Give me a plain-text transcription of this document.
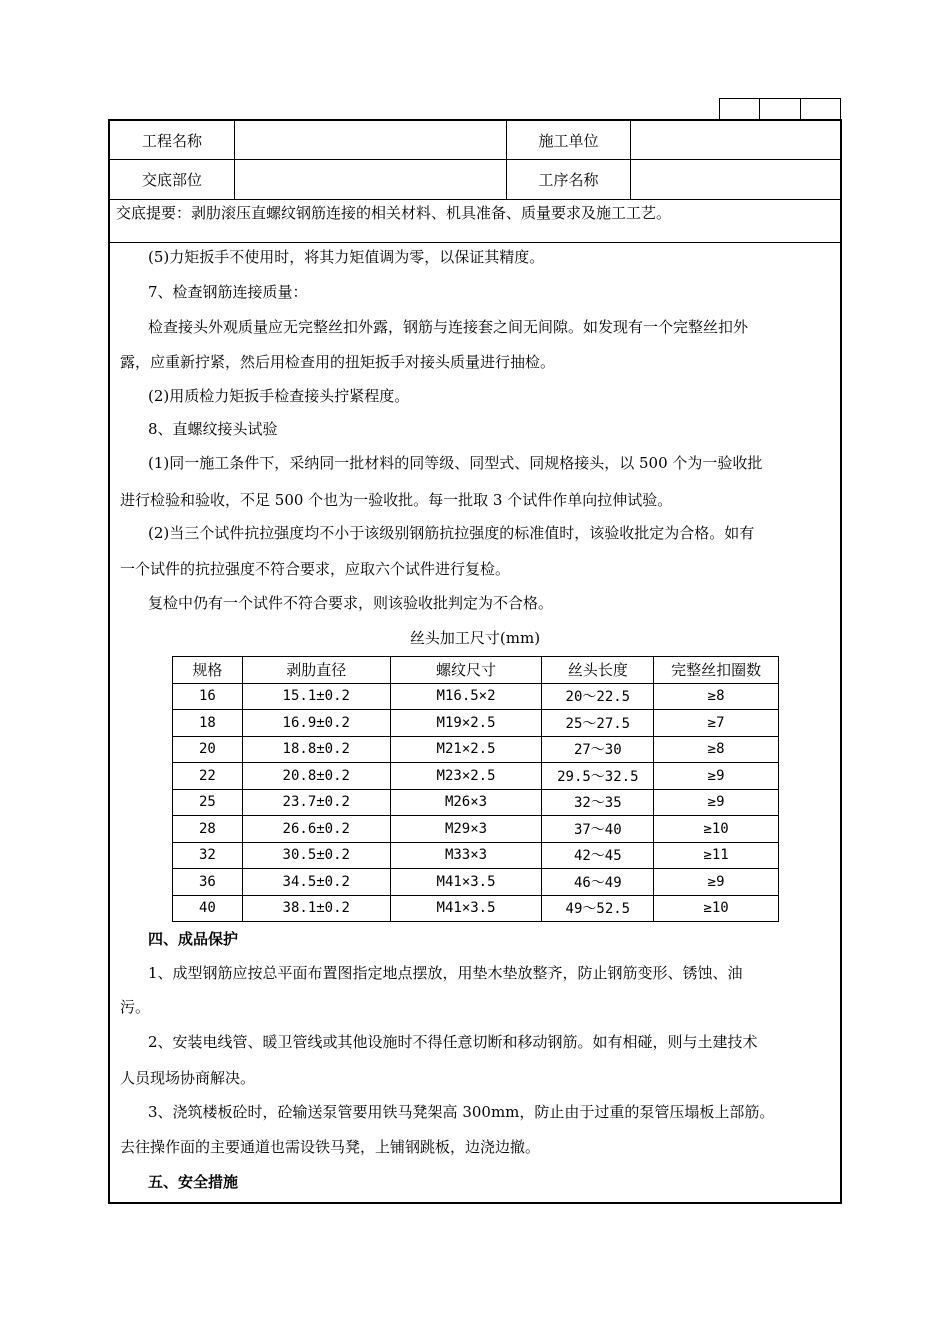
工程名称	施工单位
交底部位	工序名称
交底提要：剥肋滚压直螺纹钢筋连接的相关材料、机具准备、质量要求及施工工艺。
(5)力矩扳手不使用时，将其力矩值调为零，以保证其精度。
7、检查钢筋连接质量：
检查接头外观质量应无完整丝扣外露，钢筋与连接套之间无间隙。如发现有一个完整丝扣外
露，应重新拧紧，然后用检查用的扭矩扳手对接头质量进行抽检。
(2)用质检力矩扳手检查接头拧紧程度。
8、直螺纹接头试验
(1)同一施工条件下，采纳同一批材料的同等级、同型式、同规格接头，以 500 个为一验收批
进行检验和验收，不足 500 个也为一验收批。每一批取 3 个试件作单向拉伸试验。
(2)当三个试件抗拉强度均不小于该级别钢筋抗拉强度的标准值时，该验收批定为合格。如有
一个试件的抗拉强度不符合要求，应取六个试件进行复检。
复检中仍有一个试件不符合要求，则该验收批判定为不合格。
丝头加工尺寸(mm)
规格	剥肋直径	螺纹尺寸	丝头长度	完整丝扣圈数
16	15.1±0.2	M16.5×2	20～22.5	≥8
18	16.9±0.2	M19×2.5	25～27.5	≥7
20	18.8±0.2	M21×2.5	27～30	≥8
22	20.8±0.2	M23×2.5	29.5～32.5	≥9
25	23.7±0.2	M26×3	32～35	≥9
28	26.6±0.2	M29×3	37～40	≥10
32	30.5±0.2	M33×3	42～45	≥11
36	34.5±0.2	M41×3.5	46～49	≥9
40	38.1±0.2	M41×3.5	49～52.5	≥10
四、成品保护
1、成型钢筋应按总平面布置图指定地点摆放，用垫木垫放整齐，防止钢筋变形、锈蚀、油
污。
2、安装电线管、暖卫管线或其他设施时不得任意切断和移动钢筋。如有相碰，则与土建技术
人员现场协商解决。
3、浇筑楼板砼时，砼输送泵管要用铁马凳架高 300mm，防止由于过重的泵管压塌板上部筋。
去往操作面的主要通道也需设铁马凳，上铺钢跳板，边浇边撤。
五、安全措施
